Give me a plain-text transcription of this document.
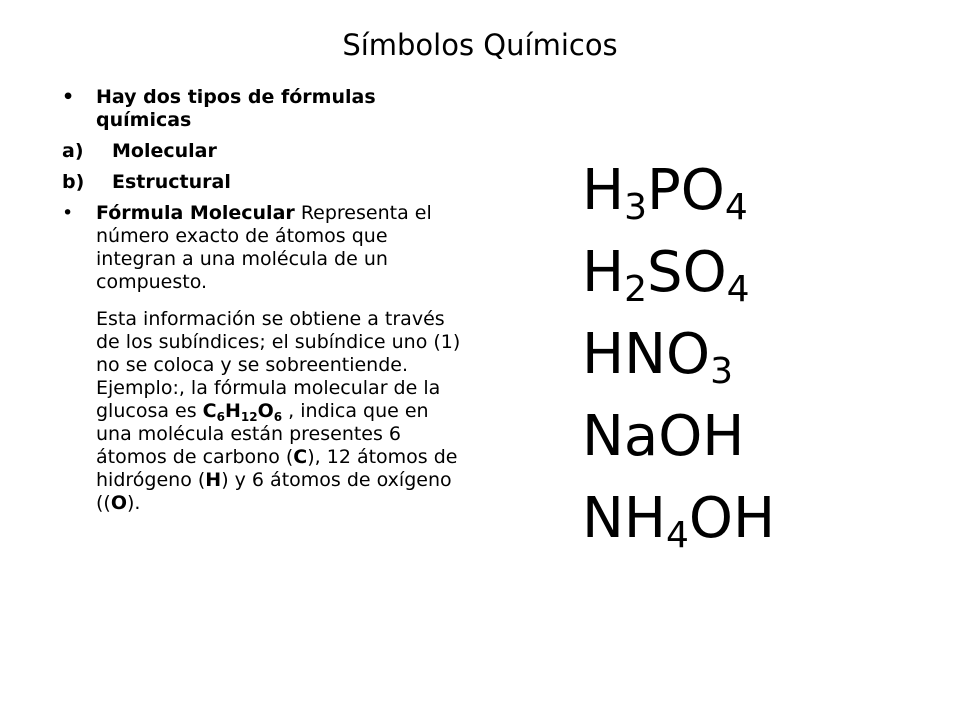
Símbolos Químicos
• Hay dos tipos de fórmulas químicas
a) Molecular
b) Estructural
• Fórmula Molecular Representa el número exacto de átomos que integran a una molécula de un compuesto.
Esta información se obtiene a través de los subíndices; el subíndice uno (1) no se coloca y se sobreentiende. Ejemplo:, la fórmula molecular de la glucosa es $C_6H_{12}O_6$ , indica que en una molécula están presentes 6 átomos de carbono (C), 12 átomos de hidrógeno (H) y 6 átomos de oxígeno ((O).
$H_3PO_4$
$H_2SO_4$
$HNO_3$
NaOH
$NH_4OH$
